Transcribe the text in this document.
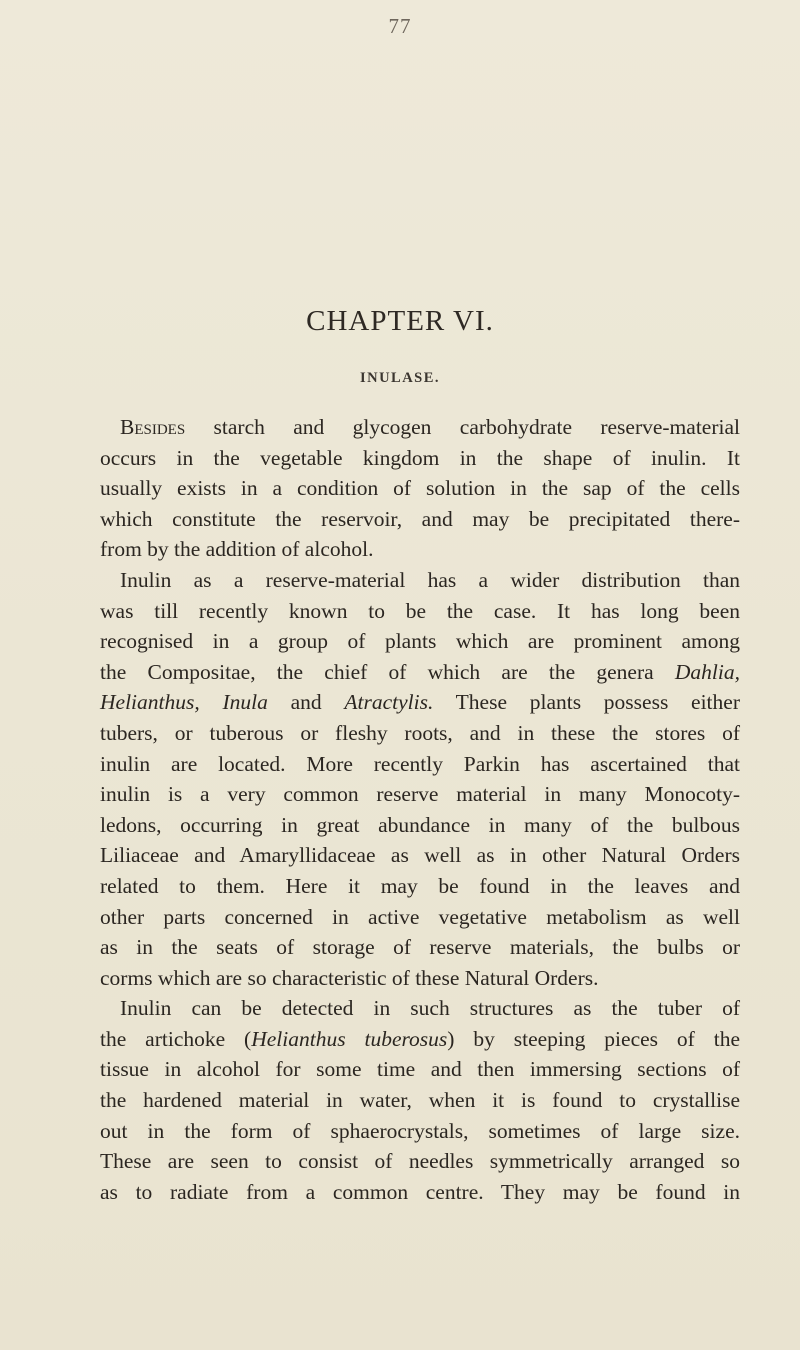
77
CHAPTER VI.
INULASE.
Besides starch and glycogen carbohydrate reserve-material
occurs in the vegetable kingdom in the shape of inulin. It
usually exists in a condition of solution in the sap of the cells
which constitute the reservoir, and may be precipitated there-
from by the addition of alcohol.
Inulin as a reserve-material has a wider distribution than
was till recently known to be the case. It has long been
recognised in a group of plants which are prominent among
the Compositae, the chief of which are the genera Dahlia,
Helianthus, Inula and Atractylis. These plants possess either
tubers, or tuberous or fleshy roots, and in these the stores of
inulin are located. More recently Parkin has ascertained that
inulin is a very common reserve material in many Monocoty-
ledons, occurring in great abundance in many of the bulbous
Liliaceae and Amaryllidaceae as well as in other Natural Orders
related to them. Here it may be found in the leaves and
other parts concerned in active vegetative metabolism as well
as in the seats of storage of reserve materials, the bulbs or
corms which are so characteristic of these Natural Orders.
Inulin can be detected in such structures as the tuber of
the artichoke (Helianthus tuberosus) by steeping pieces of the
tissue in alcohol for some time and then immersing sections of
the hardened material in water, when it is found to crystallise
out in the form of sphaerocrystals, sometimes of large size.
These are seen to consist of needles symmetrically arranged so
as to radiate from a common centre. They may be found in
